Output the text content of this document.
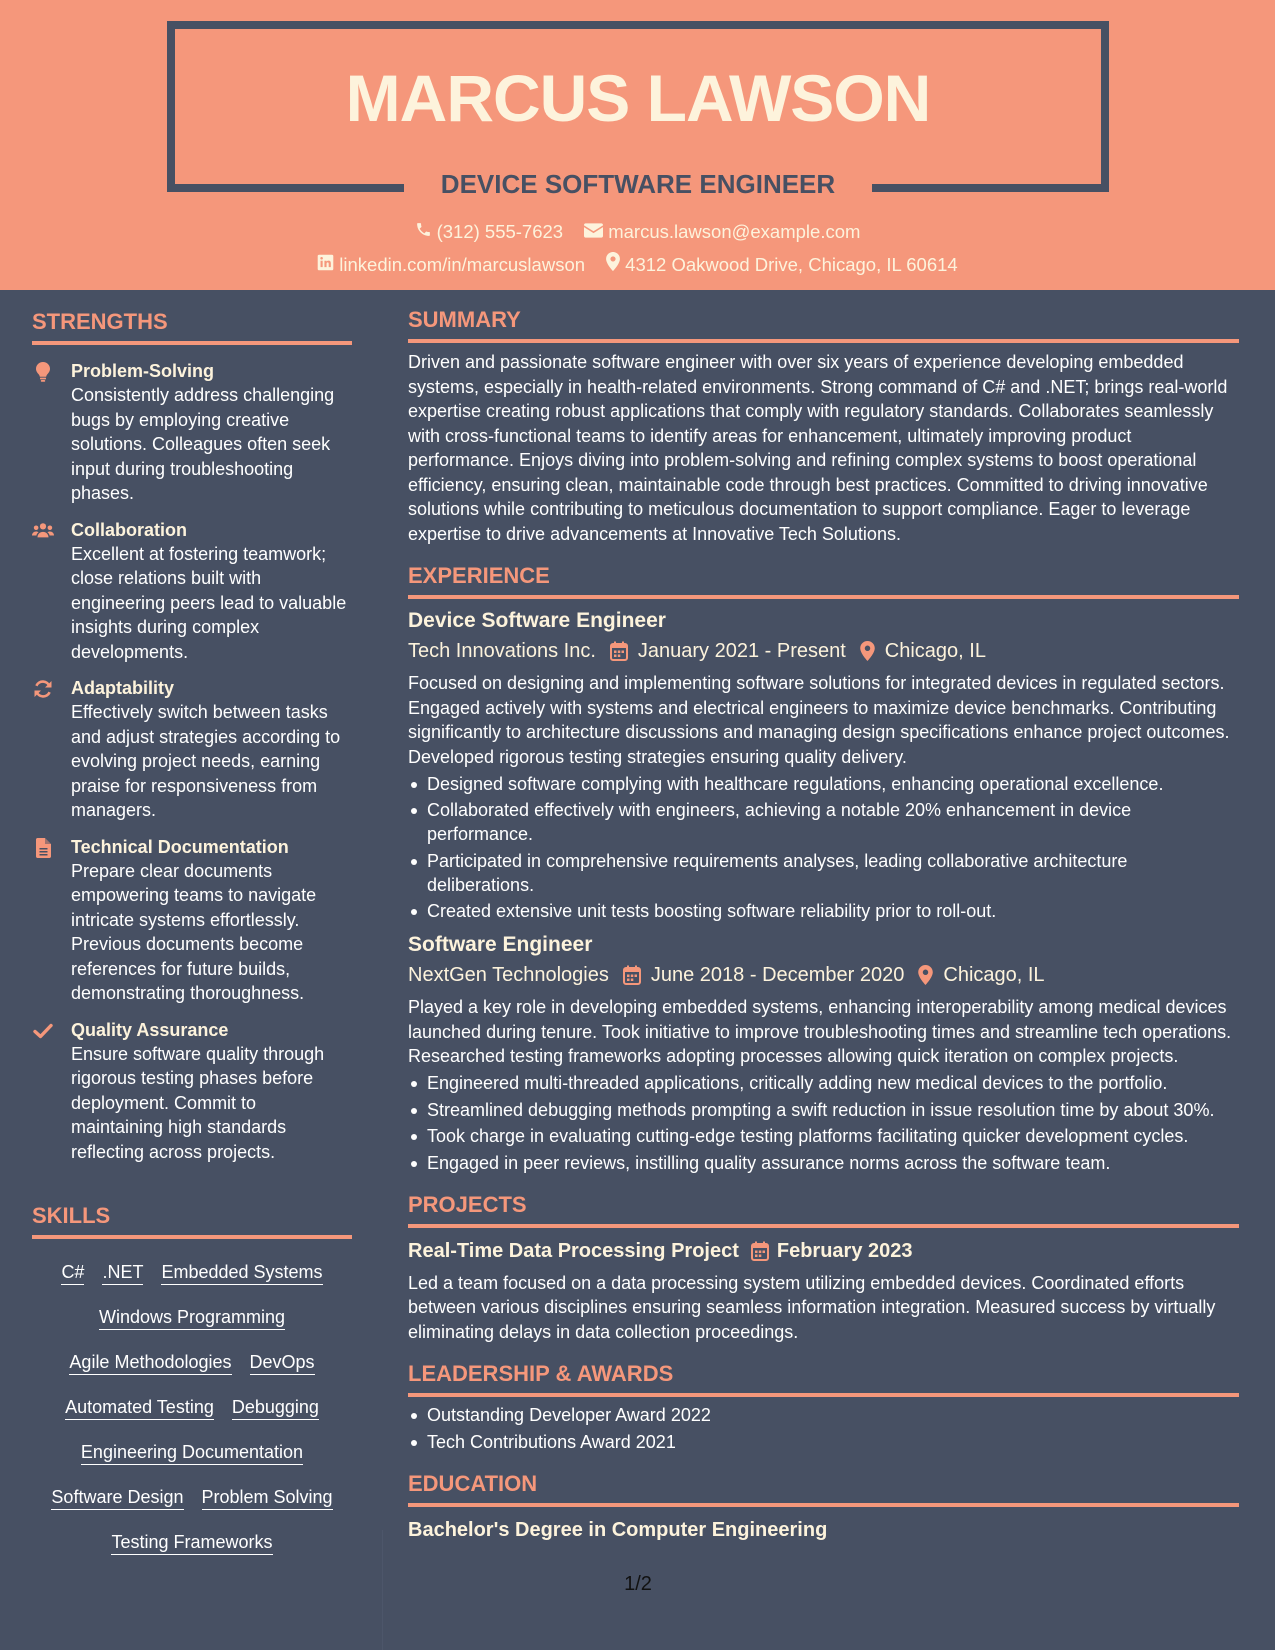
MARCUS LAWSON
DEVICE SOFTWARE ENGINEER
(312) 555-7623
marcus.lawson@example.com
linkedin.com/in/marcuslawson
4312 Oakwood Drive, Chicago, IL 60614
STRENGTHS
Problem-Solving
Consistently address challenging bugs by employing creative solutions. Colleagues often seek input during troubleshooting phases.
Collaboration
Excellent at fostering teamwork; close relations built with engineering peers lead to valuable insights during complex developments.
Adaptability
Effectively switch between tasks and adjust strategies according to evolving project needs, earning praise for responsiveness from managers.
Technical Documentation
Prepare clear documents empowering teams to navigate intricate systems effortlessly. Previous documents become references for future builds, demonstrating thoroughness.
Quality Assurance
Ensure software quality through rigorous testing phases before deployment. Commit to maintaining high standards reflecting across projects.
SKILLS
C# .NET Embedded Systems
Windows Programming
Agile Methodologies DevOps
Automated Testing Debugging
Engineering Documentation
Software Design Problem Solving
Testing Frameworks
SUMMARY
Driven and passionate software engineer with over six years of experience developing embedded systems, especially in health-related environments. Strong command of C# and .NET; brings real-world expertise creating robust applications that comply with regulatory standards. Collaborates seamlessly with cross-functional teams to identify areas for enhancement, ultimately improving product performance. Enjoys diving into problem-solving and refining complex systems to boost operational efficiency, ensuring clean, maintainable code through best practices. Committed to driving innovative solutions while contributing to meticulous documentation to support compliance. Eager to leverage expertise to drive advancements at Innovative Tech Solutions.
EXPERIENCE
Device Software Engineer
Tech Innovations Inc. January 2021 - Present Chicago, IL
Focused on designing and implementing software solutions for integrated devices in regulated sectors. Engaged actively with systems and electrical engineers to maximize device benchmarks. Contributing significantly to architecture discussions and managing design specifications enhance project outcomes. Developed rigorous testing strategies ensuring quality delivery.
Designed software complying with healthcare regulations, enhancing operational excellence.
Collaborated effectively with engineers, achieving a notable 20% enhancement in device performance.
Participated in comprehensive requirements analyses, leading collaborative architecture deliberations.
Created extensive unit tests boosting software reliability prior to roll-out.
Software Engineer
NextGen Technologies June 2018 - December 2020 Chicago, IL
Played a key role in developing embedded systems, enhancing interoperability among medical devices launched during tenure. Took initiative to improve troubleshooting times and streamline tech operations. Researched testing frameworks adopting processes allowing quick iteration on complex projects.
Engineered multi-threaded applications, critically adding new medical devices to the portfolio.
Streamlined debugging methods prompting a swift reduction in issue resolution time by about 30%.
Took charge in evaluating cutting-edge testing platforms facilitating quicker development cycles.
Engaged in peer reviews, instilling quality assurance norms across the software team.
PROJECTS
Real-Time Data Processing Project February 2023
Led a team focused on a data processing system utilizing embedded devices. Coordinated efforts between various disciplines ensuring seamless information integration. Measured success by virtually eliminating delays in data collection proceedings.
LEADERSHIP & AWARDS
Outstanding Developer Award 2022
Tech Contributions Award 2021
EDUCATION
Bachelor's Degree in Computer Engineering
1/2
